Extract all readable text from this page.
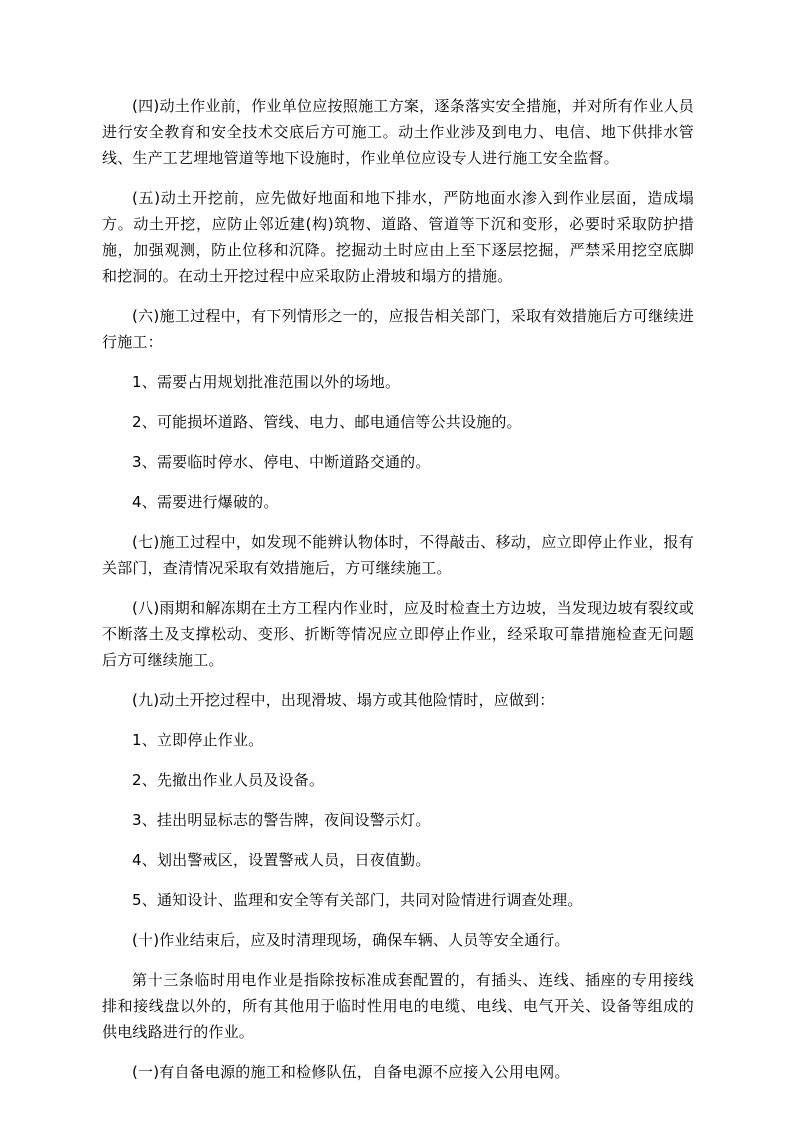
(四)动土作业前，作业单位应按照施工方案，逐条落实安全措施，并对所有作业人员进行安全教育和安全技术交底后方可施工。动土作业涉及到电力、电信、地下供排水管线、生产工艺埋地管道等地下设施时，作业单位应设专人进行施工安全监督。

(五)动土开挖前，应先做好地面和地下排水，严防地面水渗入到作业层面，造成塌方。动土开挖，应防止邻近建(构)筑物、道路、管道等下沉和变形，必要时采取防护措施，加强观测，防止位移和沉降。挖掘动土时应由上至下逐层挖掘，严禁采用挖空底脚和挖洞的。在动土开挖过程中应采取防止滑坡和塌方的措施。

(六)施工过程中，有下列情形之一的，应报告相关部门，采取有效措施后方可继续进行施工：

1、需要占用规划批准范围以外的场地。

2、可能损坏道路、管线、电力、邮电通信等公共设施的。

3、需要临时停水、停电、中断道路交通的。

4、需要进行爆破的。

(七)施工过程中，如发现不能辨认物体时，不得敲击、移动，应立即停止作业，报有关部门，查清情况采取有效措施后，方可继续施工。

(八)雨期和解冻期在土方工程内作业时，应及时检查土方边坡，当发现边坡有裂纹或不断落土及支撑松动、变形、折断等情况应立即停止作业，经采取可靠措施检查无问题后方可继续施工。

(九)动土开挖过程中，出现滑坡、塌方或其他险情时，应做到：

1、立即停止作业。

2、先撤出作业人员及设备。

3、挂出明显标志的警告牌，夜间设警示灯。

4、划出警戒区，设置警戒人员，日夜值勤。

5、通知设计、监理和安全等有关部门，共同对险情进行调查处理。

(十)作业结束后，应及时清理现场，确保车辆、人员等安全通行。

第十三条临时用电作业是指除按标准成套配置的，有插头、连线、插座的专用接线排和接线盘以外的，所有其他用于临时性用电的电缆、电线、电气开关、设备等组成的供电线路进行的作业。

(一)有自备电源的施工和检修队伍，自备电源不应接入公用电网。
